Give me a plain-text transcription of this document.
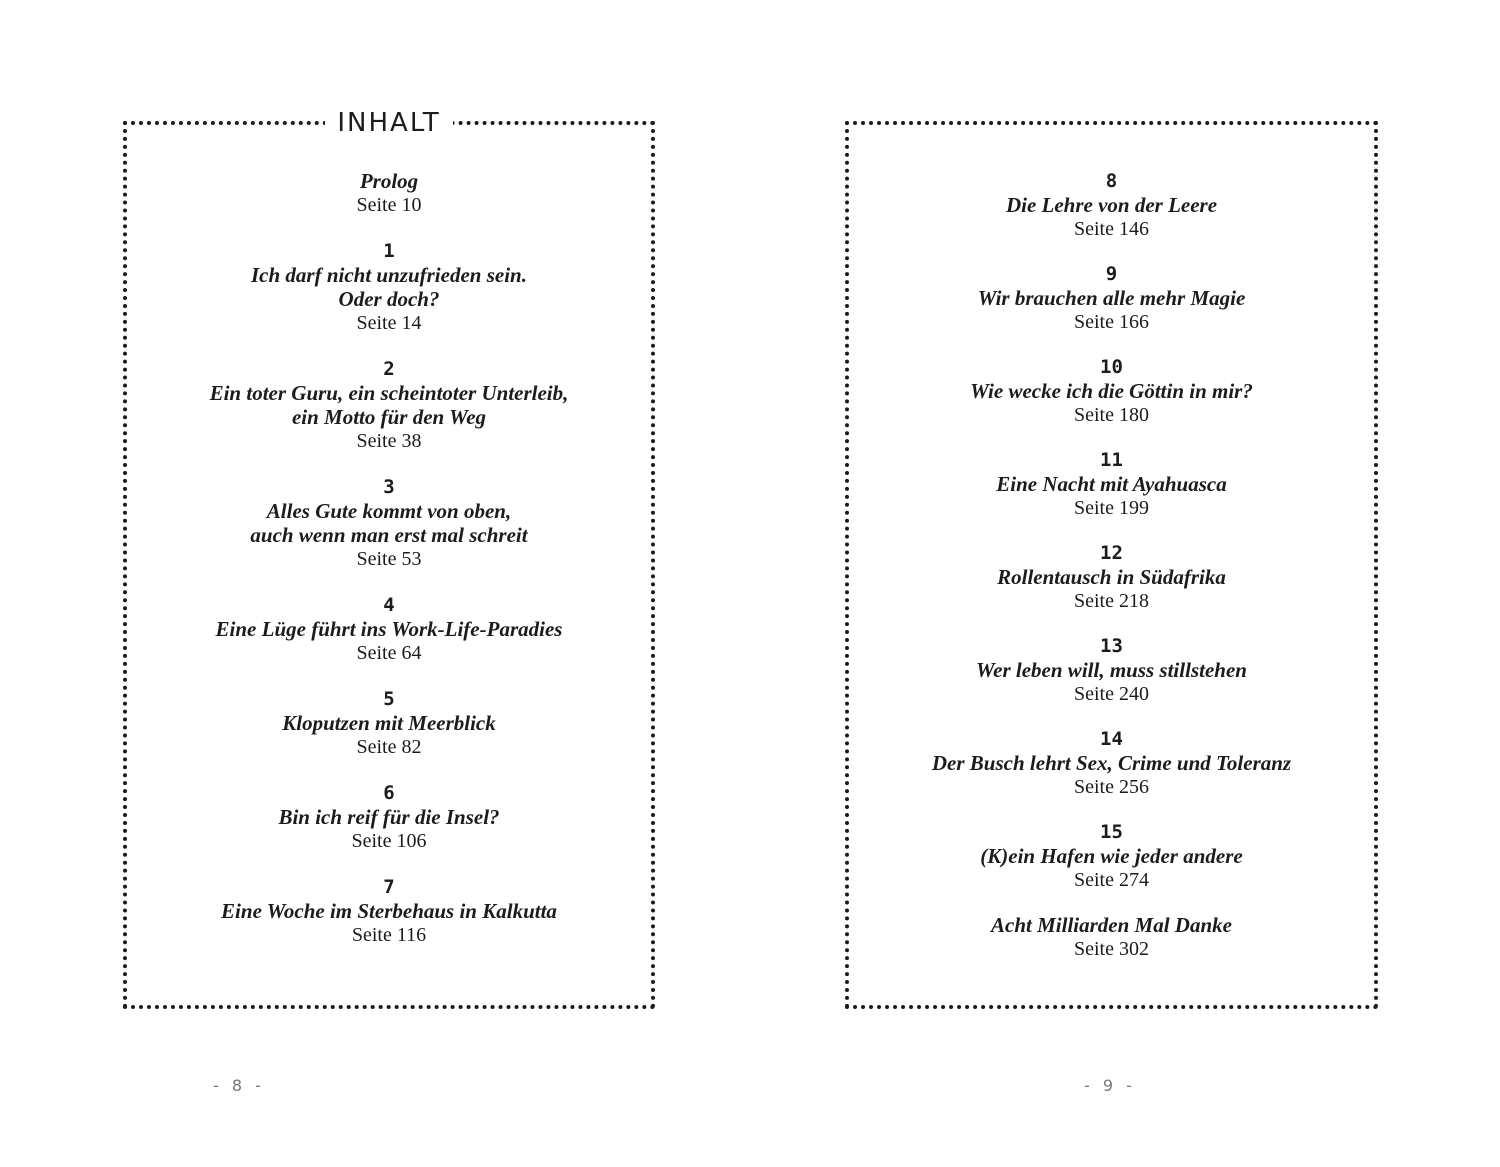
INHALT
Prolog
Seite 10
1
Ich darf nicht unzufrieden sein.
Oder doch?
Seite 14
2
Ein toter Guru, ein scheintoter Unterleib,
ein Motto für den Weg
Seite 38
3
Alles Gute kommt von oben,
auch wenn man erst mal schreit
Seite 53
4
Eine Lüge führt ins Work-Life-Paradies
Seite 64
5
Kloputzen mit Meerblick
Seite 82
6
Bin ich reif für die Insel?
Seite 106
7
Eine Woche im Sterbehaus in Kalkutta
Seite 116
- 8 -
8
Die Lehre von der Leere
Seite 146
9
Wir brauchen alle mehr Magie
Seite 166
10
Wie wecke ich die Göttin in mir?
Seite 180
11
Eine Nacht mit Ayahuasca
Seite 199
12
Rollentausch in Südafrika
Seite 218
13
Wer leben will, muss stillstehen
Seite 240
14
Der Busch lehrt Sex, Crime und Toleranz
Seite 256
15
(K)ein Hafen wie jeder andere
Seite 274
Acht Milliarden Mal Danke
Seite 302
- 9 -
